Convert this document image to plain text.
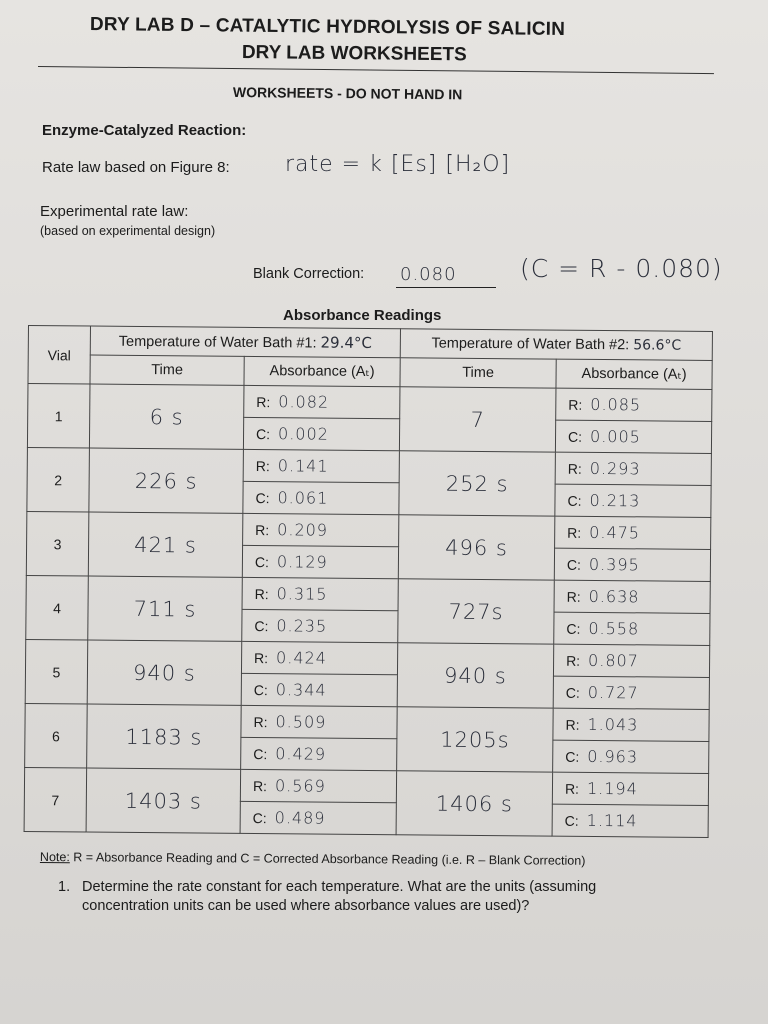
DRY LAB D – CATALYTIC HYDROLYSIS OF SALICIN
DRY LAB WORKSHEETS
WORKSHEETS - DO NOT HAND IN
Enzyme-Catalyzed Reaction:
Rate law based on Figure 8:	rate = k [Es] [H₂O]
Experimental rate law:
(based on experimental design)
Blank Correction: 0.080	(C = R - 0.080)
Absorbance Readings
Vial	Temperature of Water Bath #1: 29.4°C		Temperature of Water Bath #2: 56.6°C	
	Time	Absorbance (Aₜ)	Time	Absorbance (Aₜ)
1	6 s	R: 0.082	7	R: 0.085
		C: 0.002		C: 0.005
2	226 s	R: 0.141	252 s	R: 0.293
		C: 0.061		C: 0.213
3	421 s	R: 0.209	496 s	R: 0.475
		C: 0.129		C: 0.395
4	711 s	R: 0.315	727s	R: 0.638
		C: 0.235		C: 0.558
5	940 s	R: 0.424	940 s	R: 0.807
		C: 0.344		C: 0.727
6	1183 s	R: 0.509	1205s	R: 1.043
		C: 0.429		C: 0.963
7	1403 s	R: 0.569	1406 s	R: 1.194
		C: 0.489		C: 1.114
Note: R = Absorbance Reading and C = Corrected Absorbance Reading (i.e. R – Blank Correction)
1. Determine the rate constant for each temperature. What are the units (assuming concentration units can be used where absorbance values are used)?
